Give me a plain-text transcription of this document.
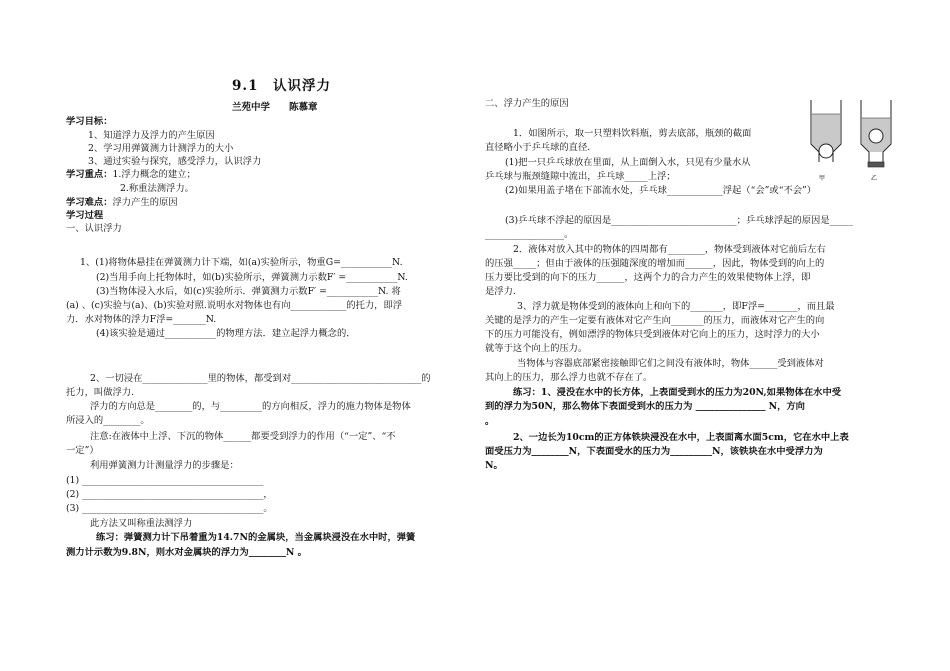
9.1　认识浮力
兰苑中学　　陈慕章
学习目标：
1、知道浮力及浮力的产生原因
2、学习用弹簧测力计测浮力的大小
3、通过实验与探究，感受浮力，认识浮力
学习重点：1.浮力概念的建立；
2.称重法测浮力。
学习难点：浮力产生的原因
学习过程
一、认识浮力
1、(1)将物体悬挂在弹簧测力计下端，如(a)实验所示，物重G=___________N.
(2)当用手向上托物体时，如(b)实验所示，弹簧测力示数F′ =___________N.
(3)当物体浸入水后，如(c)实验所示．弹簧测力示数F′ =___________N. 将
(a) 、(c)实验与(a)、(b)实验对照.说明水对物体也有向____________的托力，即浮
力．水对物体的浮力F浮=_______N.
(4)该实验是通过___________的物理方法．建立起浮力概念的．
2、一切浸在______________里的物体，都受到对____________________________的
托力，叫做浮力.
浮力的方向总是________的，与_________的方向相反，浮力的施力物体是物体
所浸入的________。
注意:在液体中上浮、下沉的物体______都要受到浮力的作用（“一定”、“不
一定”）
利用弹簧测力计测量浮力的步骤是：
(1) _______________________________________
(2) _______________________________________，
(3) _______________________________________。
此方法又叫称重法测浮力
练习：弹簧测力计下吊着重为14.7N的金属块，当金属块浸没在水中时，弹簧
测力计示数为9.8N，则水对金属块的浮力为________N 。
二、浮力产生的原因
1．如图所示，取一只塑料饮料瓶，剪去底部，瓶颈的截面
直径略小于乒乓球的直径.
(1)把一只乒乓球放在里面，从上面倒入水，只见有少量水从
乒乓球与瓶颈缝隙中流出，乒乓球_____上浮；
(2)如果用盖子堵在下部流水处，乒乓球____________浮起（“会”或“不会”）
(3)乒乓球不浮起的原因是___________________________；乒乓球浮起的原因是_____
_________________。
2．液体对放入其中的物体的四周都有________，物体受到液体对它前后左右
的压强_____；但由于液体的压强随深度的增加而______，因此，物体受到的向上的
压力要比受到的向下的压力______，这两个力的合力产生的效果使物体上浮，即
是浮力.
3、浮力就是物体受到的液体向上和向下的_______，即F浮=_______，而且最
关键的是浮力的产生一定要有液体对它产生向_______的压力，而液体对它产生的向
下的压力可能没有，例如漂浮的物体只受到液体对它向上的压力，这时浮力的大小
就等于这个向上的压力。
当物体与容器底部紧密接触即它们之间没有液体时，物体______受到液体对
其向上的压力，那么浮力也就不存在了。
练习：1、浸没在水中的长方体，上表面受到水的压力为20N,如果物体在水中受
到的浮力为50N，那么物体下表面受到水的压力为 _______________ N，方向
。
2、一边长为10cm的正方体铁块浸没在水中，上表面离水面5cm，它在水中上表
面受压力为________N，下表面受水的压力为_________N，该铁块在水中受浮力为
N。
甲	乙
